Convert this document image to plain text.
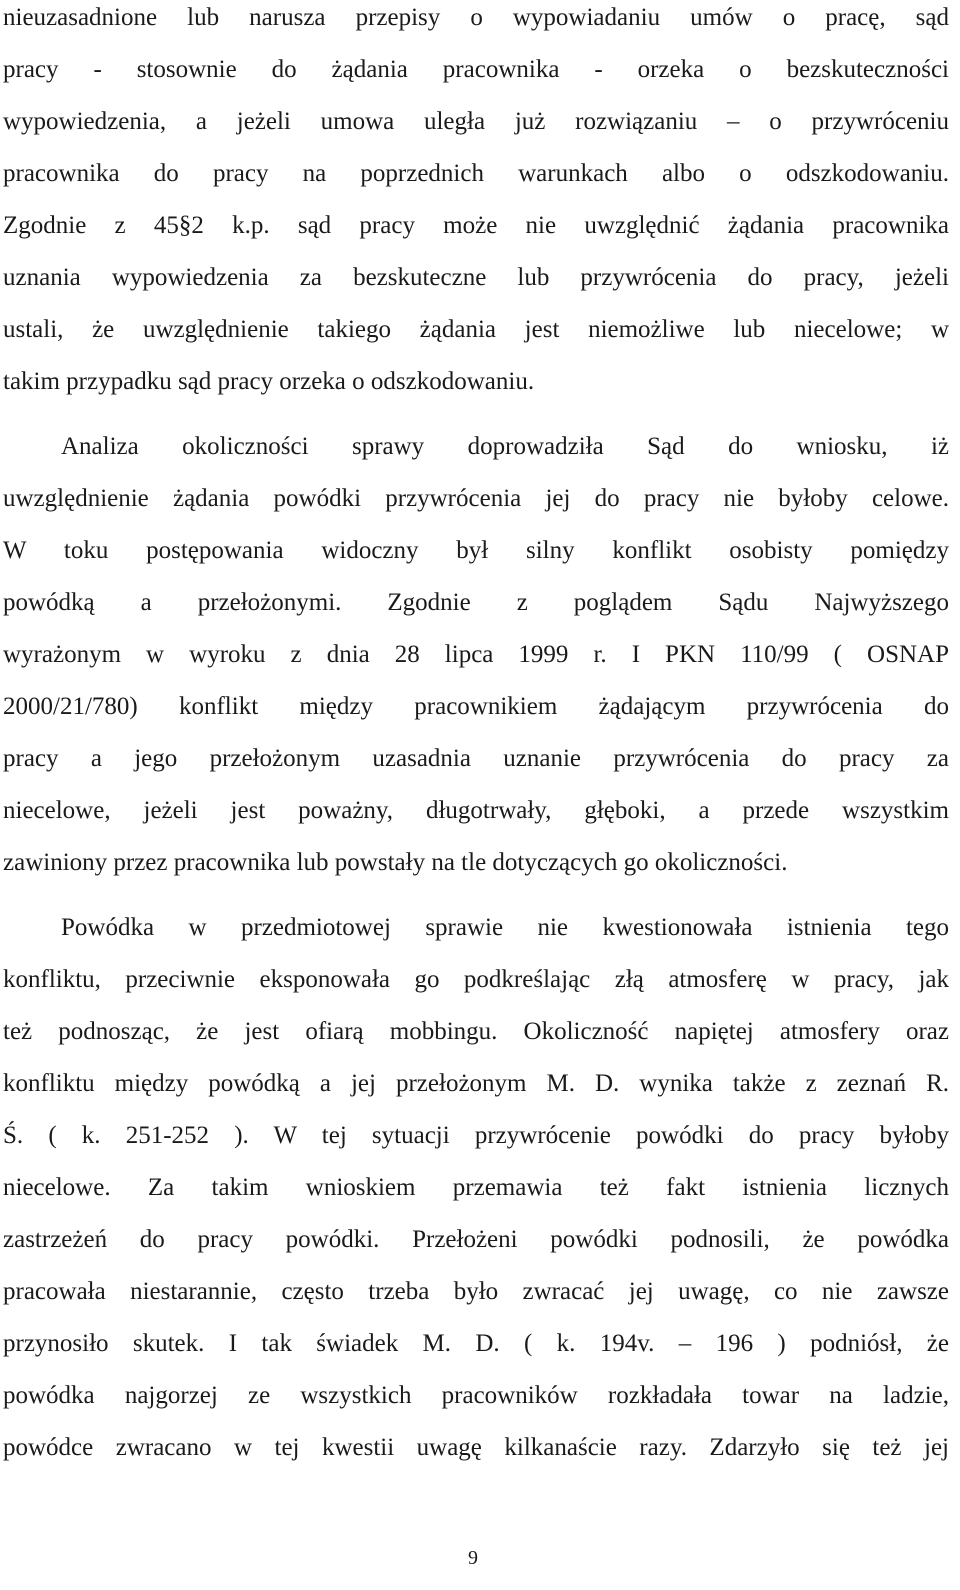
nieuzasadnione lub narusza przepisy o wypowiadaniu umów o pracę, sąd
pracy - stosownie do żądania pracownika - orzeka o bezskuteczności
wypowiedzenia, a jeżeli umowa uległa już rozwiązaniu – o przywróceniu
pracownika do pracy na poprzednich warunkach albo o odszkodowaniu.
Zgodnie z 45§2 k.p. sąd pracy może nie uwzględnić żądania pracownika
uznania wypowiedzenia za bezskuteczne lub przywrócenia do pracy, jeżeli
ustali, że uwzględnienie takiego żądania jest niemożliwe lub niecelowe; w
takim przypadku sąd pracy orzeka o odszkodowaniu.
Analiza okoliczności sprawy doprowadziła Sąd do wniosku, iż
uwzględnienie żądania powódki przywrócenia jej do pracy nie byłoby celowe.
W toku postępowania widoczny był silny konflikt osobisty pomiędzy
powódką a przełożonymi. Zgodnie z poglądem Sądu Najwyższego
wyrażonym w wyroku z dnia 28 lipca 1999 r. I PKN 110/99 ( OSNAP
2000/21/780) konflikt między pracownikiem żądającym przywrócenia do
pracy a jego przełożonym uzasadnia uznanie przywrócenia do pracy za
niecelowe, jeżeli jest poważny, długotrwały, głęboki, a przede wszystkim
zawiniony przez pracownika lub powstały na tle dotyczących go okoliczności.
Powódka w przedmiotowej sprawie nie kwestionowała istnienia tego
konfliktu, przeciwnie eksponowała go podkreślając złą atmosferę w pracy, jak
też podnosząc, że jest ofiarą mobbingu. Okoliczność napiętej atmosfery oraz
konfliktu między powódką a jej przełożonym M. D. wynika także z zeznań R.
Ś. ( k. 251-252 ). W tej sytuacji przywrócenie powódki do pracy byłoby
niecelowe. Za takim wnioskiem przemawia też fakt istnienia licznych
zastrzeżeń do pracy powódki. Przełożeni powódki podnosili, że powódka
pracowała niestarannie, często trzeba było zwracać jej uwagę, co nie zawsze
przynosiło skutek. I tak świadek M. D. ( k. 194v. – 196 ) podniósł, że
powódka najgorzej ze wszystkich pracowników rozkładała towar na ladzie,
powódce zwracano w tej kwestii uwagę kilkanaście razy. Zdarzyło się też jej
9
